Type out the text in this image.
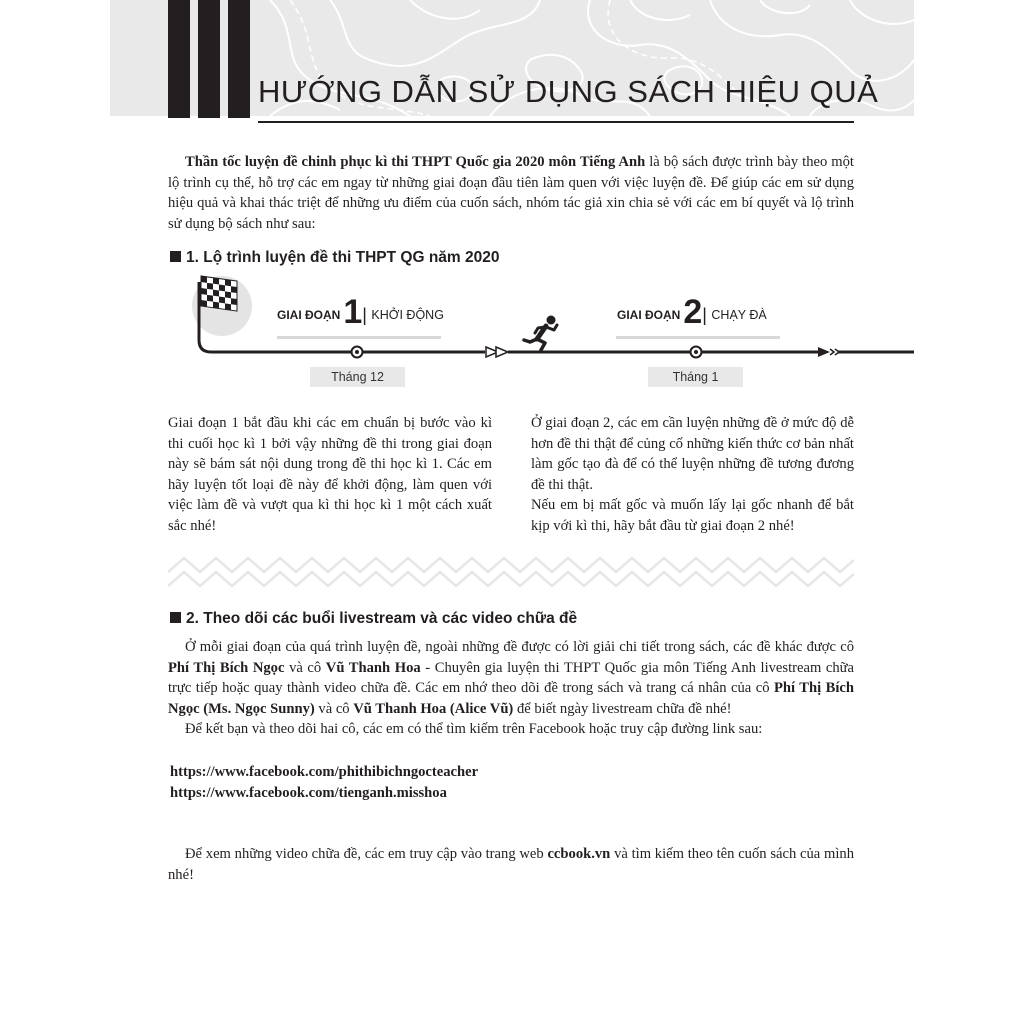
HƯỚNG DẪN SỬ DỤNG SÁCH HIỆU QUẢ

Thần tốc luyện đề chinh phục kì thi THPT Quốc gia 2020 môn Tiếng Anh là bộ sách được trình bày theo một lộ trình cụ thể, hỗ trợ các em ngay từ những giai đoạn đầu tiên làm quen với việc luyện đề. Để giúp các em sử dụng hiệu quả và khai thác triệt để những ưu điểm của cuốn sách, nhóm tác giả xin chia sẻ với các em bí quyết và lộ trình sử dụng bộ sách như sau:

1. Lộ trình luyện đề thi THPT QG năm 2020
GIAI ĐOẠN1| KHỞI ĐỘNG	GIAI ĐOẠN2| CHẠY ĐÀ
Tháng 12	Tháng 1

Giai đoạn 1 bắt đầu khi các em chuẩn bị bước vào kì thi cuối học kì 1 bởi vậy những đề thi trong giai đoạn này sẽ bám sát nội dung trong đề thi học kì 1. Các em hãy luyện tốt loại đề này để khởi động, làm quen với việc làm đề và vượt qua kì thi học kì 1 một cách xuất sắc nhé!

Ở giai đoạn 2, các em cần luyện những đề ở mức độ dễ hơn đề thi thật để củng cố những kiến thức cơ bản nhất làm gốc tạo đà để có thể luyện những đề tương đương đề thi thật.

Nếu em bị mất gốc và muốn lấy lại gốc nhanh để bắt kịp với kì thi, hãy bắt đầu từ giai đoạn 2 nhé!

2. Theo dõi các buổi livestream và các video chữa đề

Ở mỗi giai đoạn của quá trình luyện đề, ngoài những đề được có lời giải chi tiết trong sách, các đề khác được cô Phí Thị Bích Ngọc và cô Vũ Thanh Hoa - Chuyên gia luyện thi THPT Quốc gia môn Tiếng Anh livestream chữa trực tiếp hoặc quay thành video chữa đề. Các em nhớ theo dõi đề trong sách và trang cá nhân của cô Phí Thị Bích Ngọc (Ms. Ngọc Sunny) và cô Vũ Thanh Hoa (Alice Vũ) để biết ngày livestream chữa đề nhé!

Để kết bạn và theo dõi hai cô, các em có thể tìm kiếm trên Facebook hoặc truy cập đường link sau:

https://www.facebook.com/phithibichngocteacher
https://www.facebook.com/tienganh.misshoa

Để xem những video chữa đề, các em truy cập vào trang web ccbook.vn và tìm kiếm theo tên cuốn sách của mình nhé!
